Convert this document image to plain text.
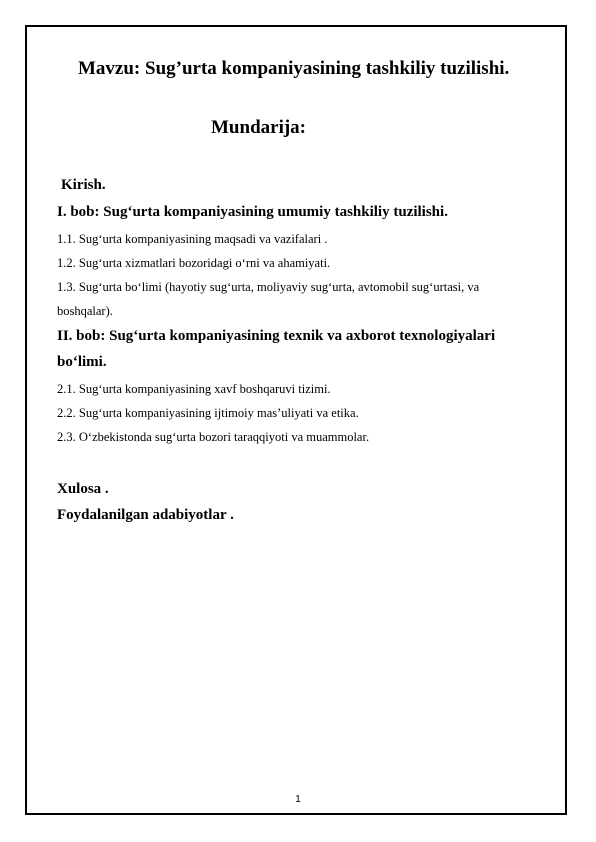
Mavzu: Sug’urta kompaniyasining tashkiliy tuzilishi.
Mundarija:
Kirish.
I. bob: Sug‘urta kompaniyasining umumiy tashkiliy tuzilishi.
1.1. Sug‘urta kompaniyasining maqsadi va vazifalari .
1.2. Sug‘urta xizmatlari bozoridagi o‘rni va ahamiyati.
1.3. Sug‘urta bo‘limi (hayotiy sug‘urta, moliyaviy sug‘urta, avtomobil sug‘urtasi, va
boshqalar).
II. bob: Sug‘urta kompaniyasining texnik va axborot texnologiyalari
bo‘limi.
2.1. Sug‘urta kompaniyasining xavf boshqaruvi tizimi.
2.2. Sug‘urta kompaniyasining ijtimoiy mas’uliyati va etika.
2.3. O‘zbekistonda sug‘urta bozori taraqqiyoti va muammolar.
Xulosa .
Foydalanilgan adabiyotlar .
1
